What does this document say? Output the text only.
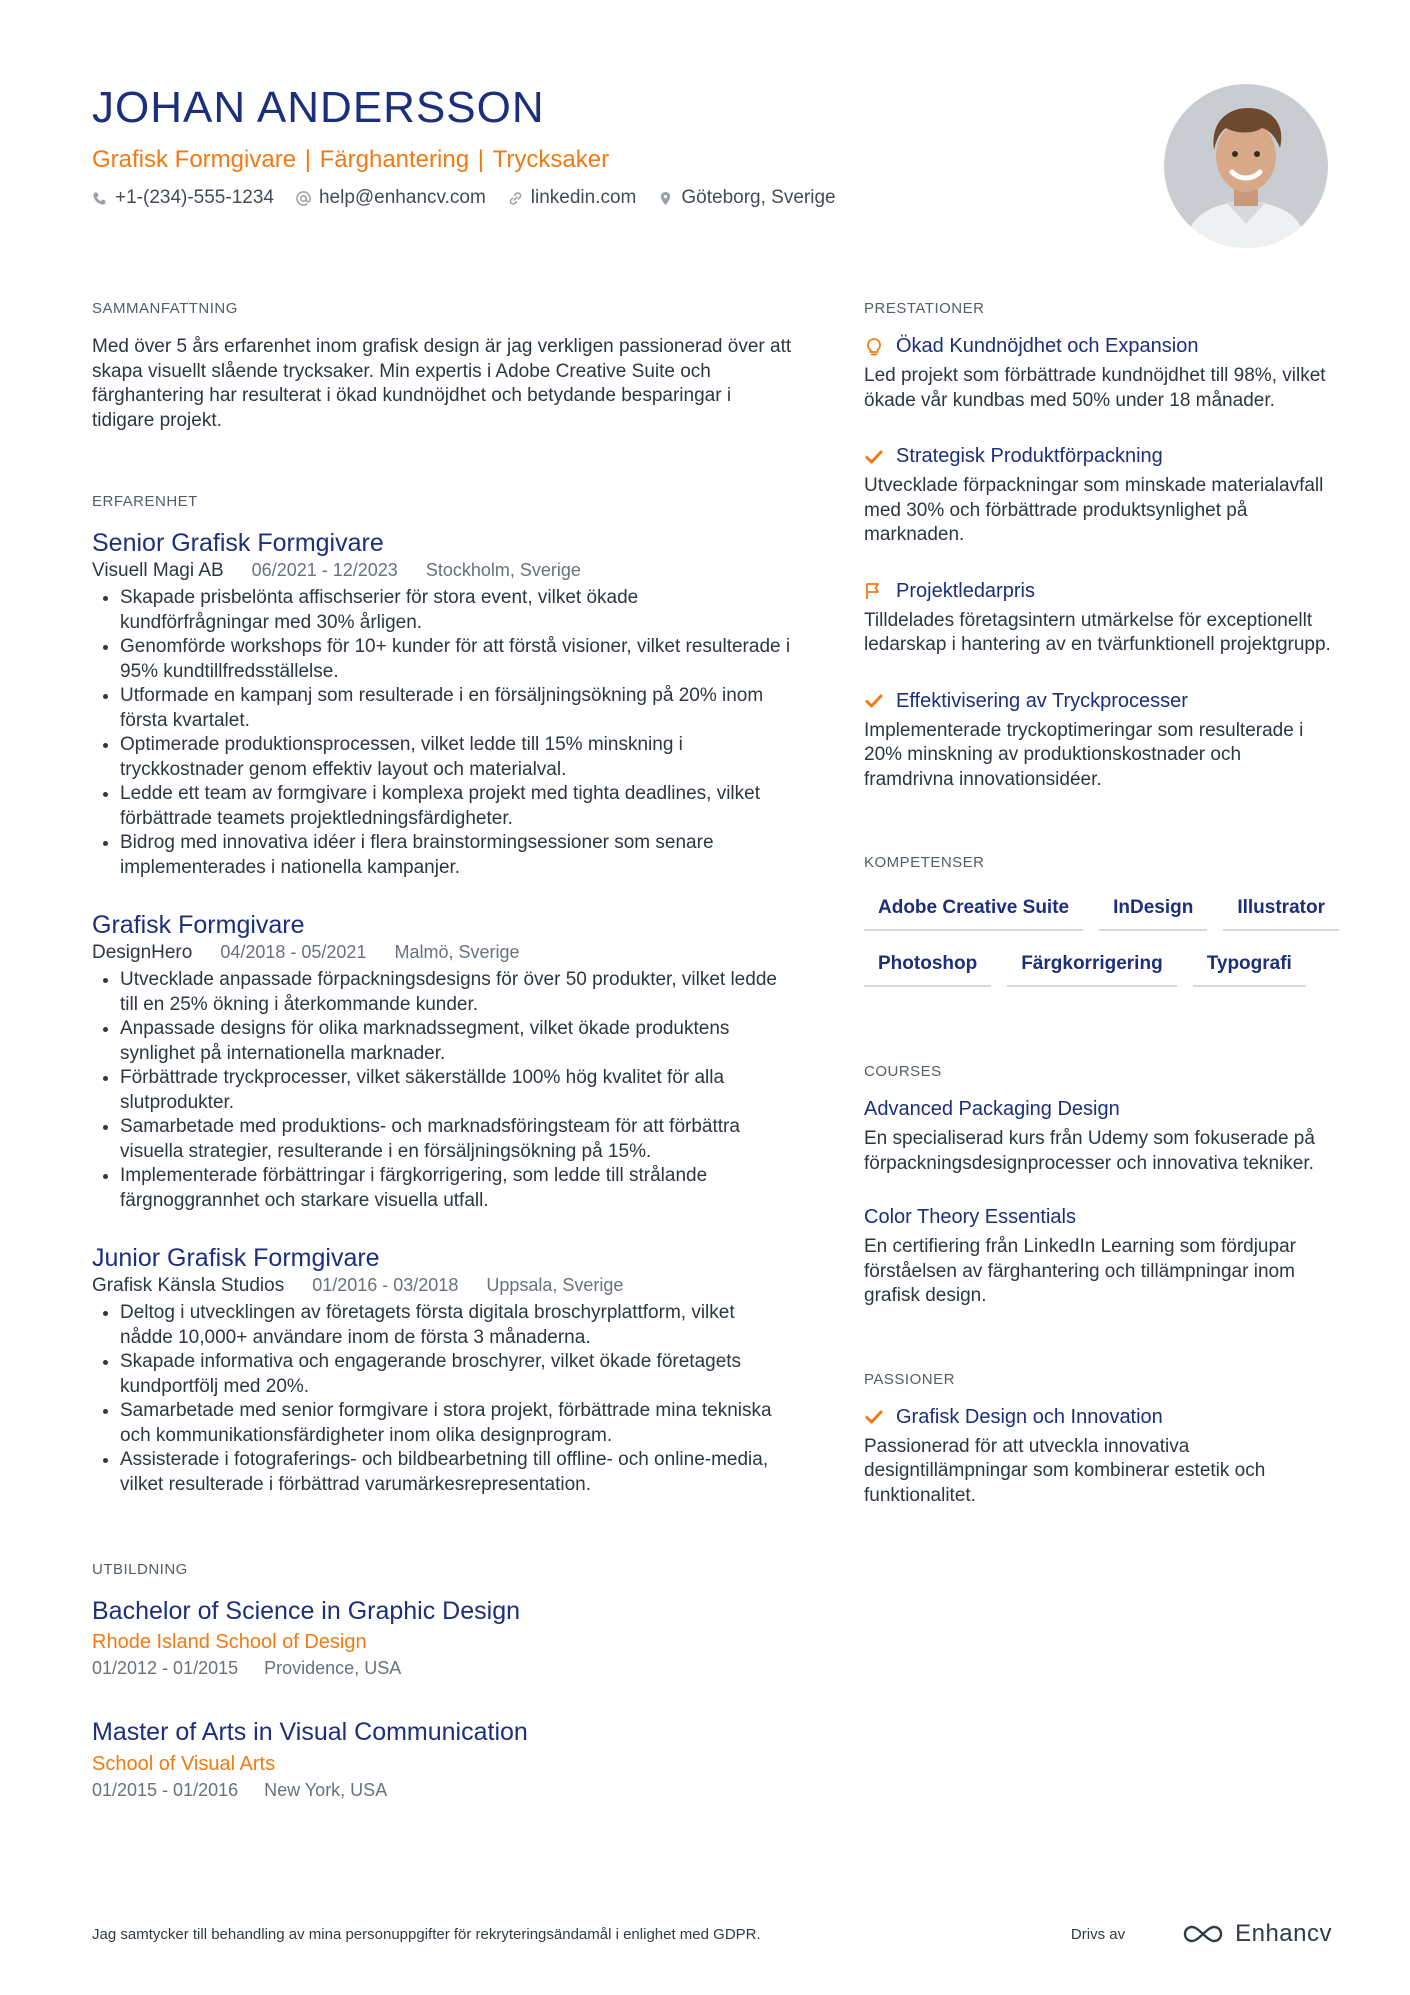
JOHAN ANDERSSON
Grafisk Formgivare | Färghantering | Trycksaker
+1-(234)-555-1234 help@enhancv.com linkedin.com Göteborg, Sverige
SAMMANFATTNING
Med över 5 års erfarenhet inom grafisk design är jag verkligen passionerad över att skapa visuellt slående trycksaker. Min expertis i Adobe Creative Suite och färghantering har resulterat i ökad kundnöjdhet och betydande besparingar i tidigare projekt.
ERFARENHET
Senior Grafisk Formgivare
Visuell Magi AB 06/2021 - 12/2023 Stockholm, Sverige
• Skapade prisbelönta affischserier för stora event, vilket ökade kundförfrågningar med 30% årligen.
• Genomförde workshops för 10+ kunder för att förstå visioner, vilket resulterade i 95% kundtillfredsställelse.
• Utformade en kampanj som resulterade i en försäljningsökning på 20% inom första kvartalet.
• Optimerade produktionsprocessen, vilket ledde till 15% minskning i tryckkostnader genom effektiv layout och materialval.
• Ledde ett team av formgivare i komplexa projekt med tighta deadlines, vilket förbättrade teamets projektledningsfärdigheter.
• Bidrog med innovativa idéer i flera brainstormingsessioner som senare implementerades i nationella kampanjer.
Grafisk Formgivare
DesignHero 04/2018 - 05/2021 Malmö, Sverige
• Utvecklade anpassade förpackningsdesigns för över 50 produkter, vilket ledde till en 25% ökning i återkommande kunder.
• Anpassade designs för olika marknadssegment, vilket ökade produktens synlighet på internationella marknader.
• Förbättrade tryckprocesser, vilket säkerställde 100% hög kvalitet för alla slutprodukter.
• Samarbetade med produktions- och marknadsföringsteam för att förbättra visuella strategier, resulterande i en försäljningsökning på 15%.
• Implementerade förbättringar i färgkorrigering, som ledde till strålande färgnoggrannhet och starkare visuella utfall.
Junior Grafisk Formgivare
Grafisk Känsla Studios 01/2016 - 03/2018 Uppsala, Sverige
• Deltog i utvecklingen av företagets första digitala broschyrplattform, vilket nådde 10,000+ användare inom de första 3 månaderna.
• Skapade informativa och engagerande broschyrer, vilket ökade företagets kundportfölj med 20%.
• Samarbetade med senior formgivare i stora projekt, förbättrade mina tekniska och kommunikationsfärdigheter inom olika designprogram.
• Assisterade i fotograferings- och bildbearbetning till offline- och online-media, vilket resulterade i förbättrad varumärkesrepresentation.
UTBILDNING
Bachelor of Science in Graphic Design
Rhode Island School of Design
01/2012 - 01/2015 Providence, USA
Master of Arts in Visual Communication
School of Visual Arts
01/2015 - 01/2016 New York, USA
PRESTATIONER
Ökad Kundnöjdhet och Expansion
Led projekt som förbättrade kundnöjdhet till 98%, vilket ökade vår kundbas med 50% under 18 månader.
Strategisk Produktförpackning
Utvecklade förpackningar som minskade materialavfall med 30% och förbättrade produktsynlighet på marknaden.
Projektledarpris
Tilldelades företagsintern utmärkelse för exceptionellt ledarskap i hantering av en tvärfunktionell projektgrupp.
Effektivisering av Tryckprocesser
Implementerade tryckoptimeringar som resulterade i 20% minskning av produktionskostnader och framdrivna innovationsidéer.
KOMPETENSER
Adobe Creative Suite	InDesign	Illustrator
Photoshop	Färgkorrigering	Typografi
COURSES
Advanced Packaging Design
En specialiserad kurs från Udemy som fokuserade på förpackningsdesignprocesser och innovativa tekniker.
Color Theory Essentials
En certifiering från LinkedIn Learning som fördjupar förståelsen av färghantering och tillämpningar inom grafisk design.
PASSIONER
Grafisk Design och Innovation
Passionerad för att utveckla innovativa designtillämpningar som kombinerar estetik och funktionalitet.
Jag samtycker till behandling av mina personuppgifter för rekryteringsändamål i enlighet med GDPR.	Drivs av	Enhancv
